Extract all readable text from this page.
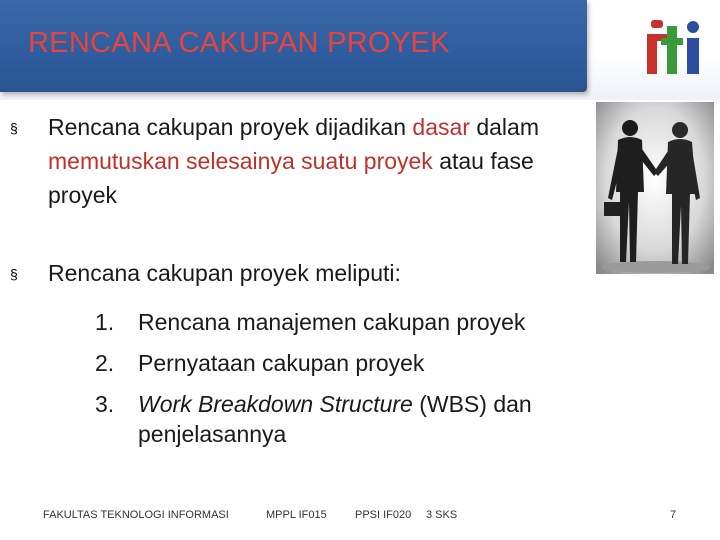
RENCANA CAKUPAN PROYEK
§ Rencana cakupan proyek dijadikan dasar dalam
memutuskan selesainya suatu proyek atau fase
proyek
§ Rencana cakupan proyek meliputi:
1. Rencana manajemen cakupan proyek
2. Pernyataan cakupan proyek
3. Work Breakdown Structure (WBS) dan
penjelasannya
FAKULTAS TEKNOLOGI INFORMASI	MPPL IF015	PPSI IF020 3 SKS	7
